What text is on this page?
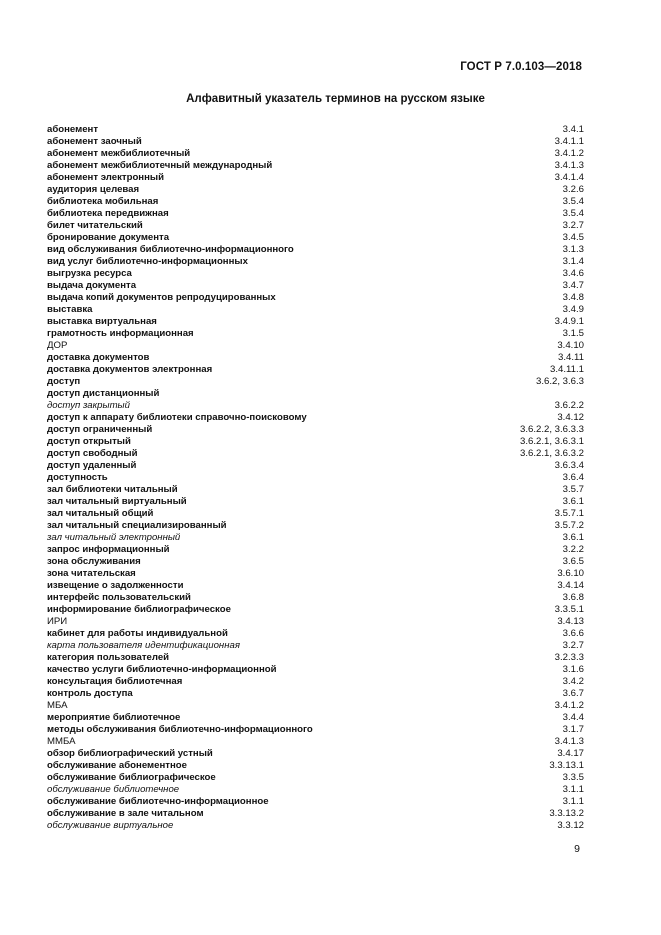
ГОСТ Р 7.0.103—2018
Алфавитный указатель терминов на русском языке
абонемент	3.4.1
абонемент заочный	3.4.1.1
абонемент межбиблиотечный	3.4.1.2
абонемент межбиблиотечный международный	3.4.1.3
абонемент электронный	3.4.1.4
аудитория целевая	3.2.6
библиотека мобильная	3.5.4
библиотека передвижная	3.5.4
билет читательский	3.2.7
бронирование документа	3.4.5
вид обслуживания библиотечно-информационного	3.1.3
вид услуг библиотечно-информационных	3.1.4
выгрузка ресурса	3.4.6
выдача документа	3.4.7
выдача копий документов репродуцированных	3.4.8
выставка	3.4.9
выставка виртуальная	3.4.9.1
грамотность информационная	3.1.5
ДОР	3.4.10
доставка документов	3.4.11
доставка документов электронная	3.4.11.1
доступ	3.6.2, 3.6.3
доступ дистанционный
доступ закрытый	3.6.2.2
доступ к аппарату библиотеки справочно-поисковому	3.4.12
доступ ограниченный	3.6.2.2, 3.6.3.3
доступ открытый	3.6.2.1, 3.6.3.1
доступ свободный	3.6.2.1, 3.6.3.2
доступ удаленный	3.6.3.4
доступность	3.6.4
зал библиотеки читальный	3.5.7
зал читальный виртуальный	3.6.1
зал читальный общий	3.5.7.1
зал читальный специализированный	3.5.7.2
зал читальный электронный	3.6.1
запрос информационный	3.2.2
зона обслуживания	3.6.5
зона читательская	3.6.10
извещение о задолженности	3.4.14
интерфейс пользовательский	3.6.8
информирование библиографическое	3.3.5.1
ИРИ	3.4.13
кабинет для работы индивидуальной	3.6.6
карта пользователя идентификационная	3.2.7
категория пользователей	3.2.3.3
качество услуги библиотечно-информационной	3.1.6
консультация библиотечная	3.4.2
контроль доступа	3.6.7
МБА	3.4.1.2
мероприятие библиотечное	3.4.4
методы обслуживания библиотечно-информационного	3.1.7
ММБА	3.4.1.3
обзор библиографический устный	3.4.17
обслуживание абонементное	3.3.13.1
обслуживание библиографическое	3.3.5
обслуживание библиотечное	3.1.1
обслуживание библиотечно-информационное	3.1.1
обслуживание в зале читальном	3.3.13.2
обслуживание виртуальное	3.3.12
9
